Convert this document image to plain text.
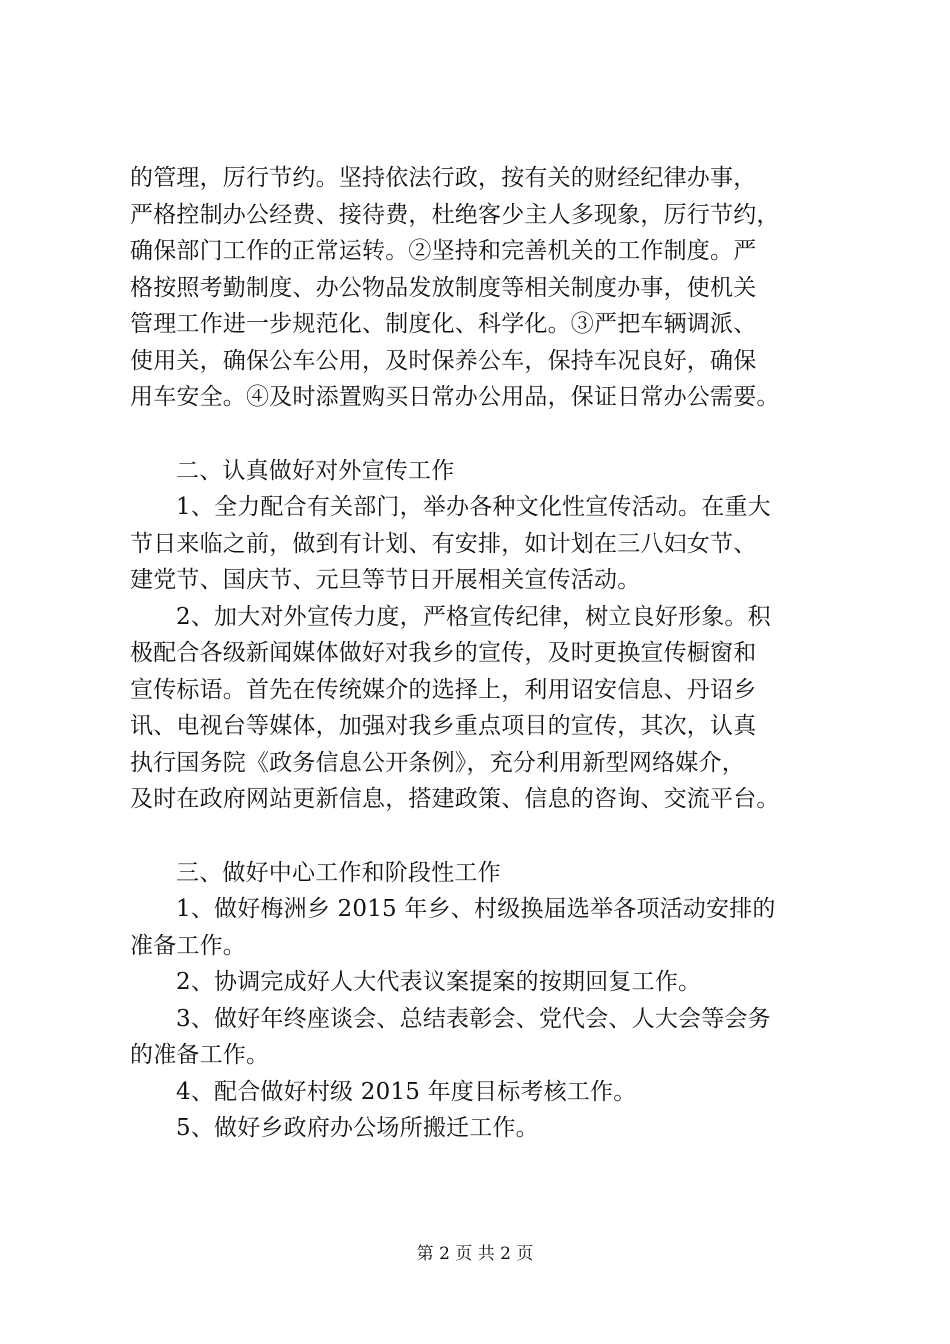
的管理，厉行节约。坚持依法行政，按有关的财经纪律办事，
严格控制办公经费、接待费，杜绝客少主人多现象，厉行节约，
确保部门工作的正常运转。②坚持和完善机关的工作制度。严
格按照考勤制度、办公物品发放制度等相关制度办事，使机关
管理工作进一步规范化、制度化、科学化。③严把车辆调派、
使用关，确保公车公用，及时保养公车，保持车况良好，确保
用车安全。④及时添置购买日常办公用品，保证日常办公需要。
二、认真做好对外宣传工作
1、全力配合有关部门，举办各种文化性宣传活动。在重大
节日来临之前，做到有计划、有安排，如计划在三八妇女节、
建党节、国庆节、元旦等节日开展相关宣传活动。
2、加大对外宣传力度，严格宣传纪律，树立良好形象。积
极配合各级新闻媒体做好对我乡的宣传，及时更换宣传橱窗和
宣传标语。首先在传统媒介的选择上，利用诏安信息、丹诏乡
讯、电视台等媒体，加强对我乡重点项目的宣传，其次，认真
执行国务院《政务信息公开条例》，充分利用新型网络媒介，
及时在政府网站更新信息，搭建政策、信息的咨询、交流平台。
三、做好中心工作和阶段性工作
1、做好梅洲乡 2015 年乡、村级换届选举各项活动安排的
准备工作。
2、协调完成好人大代表议案提案的按期回复工作。
3、做好年终座谈会、总结表彰会、党代会、人大会等会务
的准备工作。
4、配合做好村级 2015 年度目标考核工作。
5、做好乡政府办公场所搬迁工作。
第 2 页 共 2 页
